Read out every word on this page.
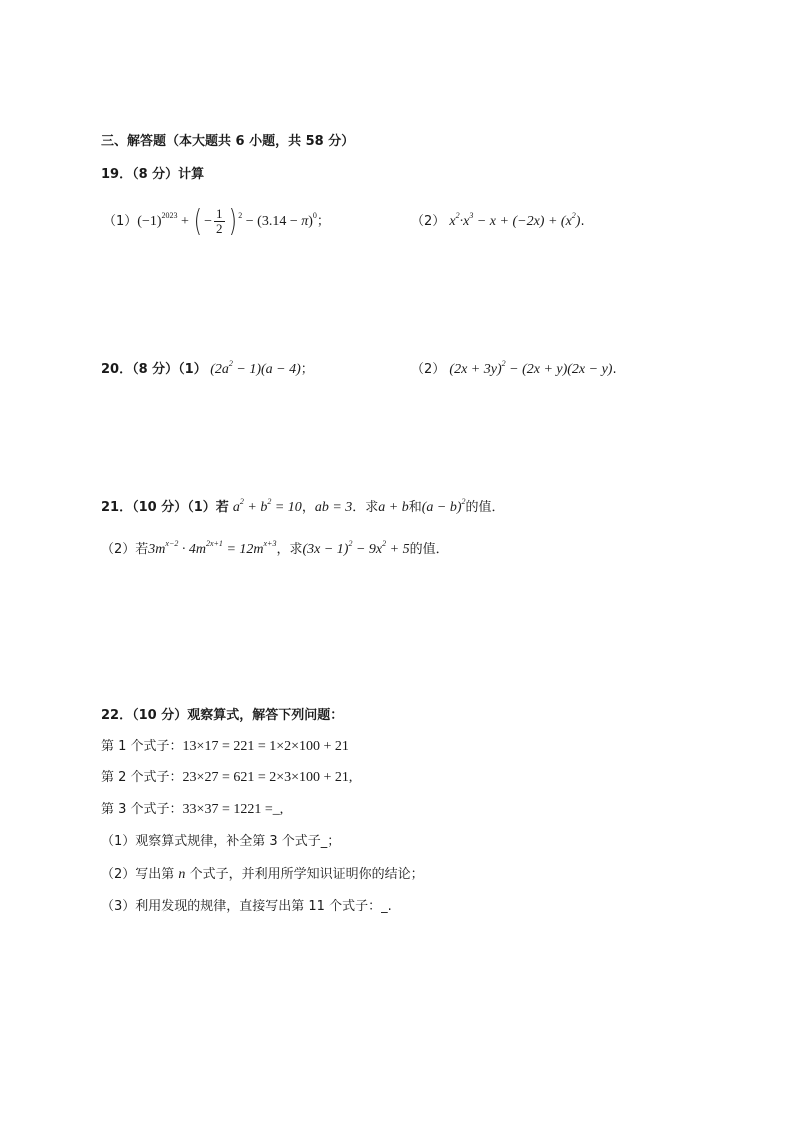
三、解答题（本大题共 6 小题，共 58 分）
19．（8 分）计算
$(1)(-1)^{2023}$ + ( − $\frac{1}{2}$ ) $^2 - (3.14 - \pi)^0$；	（2） $x^2\cdot x^3 - x + (-2x) + (x^2)$.
20．（8 分）（1） $(2a^2 - 1)(a - 4)$；	（2） $(2x + 3y)^2 - (2x + y)(2x - y)$.
21．（10 分）（1）若 $a^2 + b^2 = 10$，ab = 3．求a + b和$(a - b)^2$的值．
（2）若$3m^{x-2} \cdot 4m^{2x+1} = 12m^{x+3}$，求$(3x - 1)^2 - 9x^2 + 5$的值．
22．（10 分）观察算式，解答下列问题：
第 1 个式子：13×17 = 221 = 1×2×100 + 21
第 2 个式子：23×27 = 621 = 2×3×100 + 21,
第 3 个式子：33×37 = 1221 =_,
（1）观察算式规律，补全第 3 个式子_；
（2）写出第 n 个式子，并利用所学知识证明你的结论；
（3）利用发现的规律，直接写出第 11 个式子：_.
